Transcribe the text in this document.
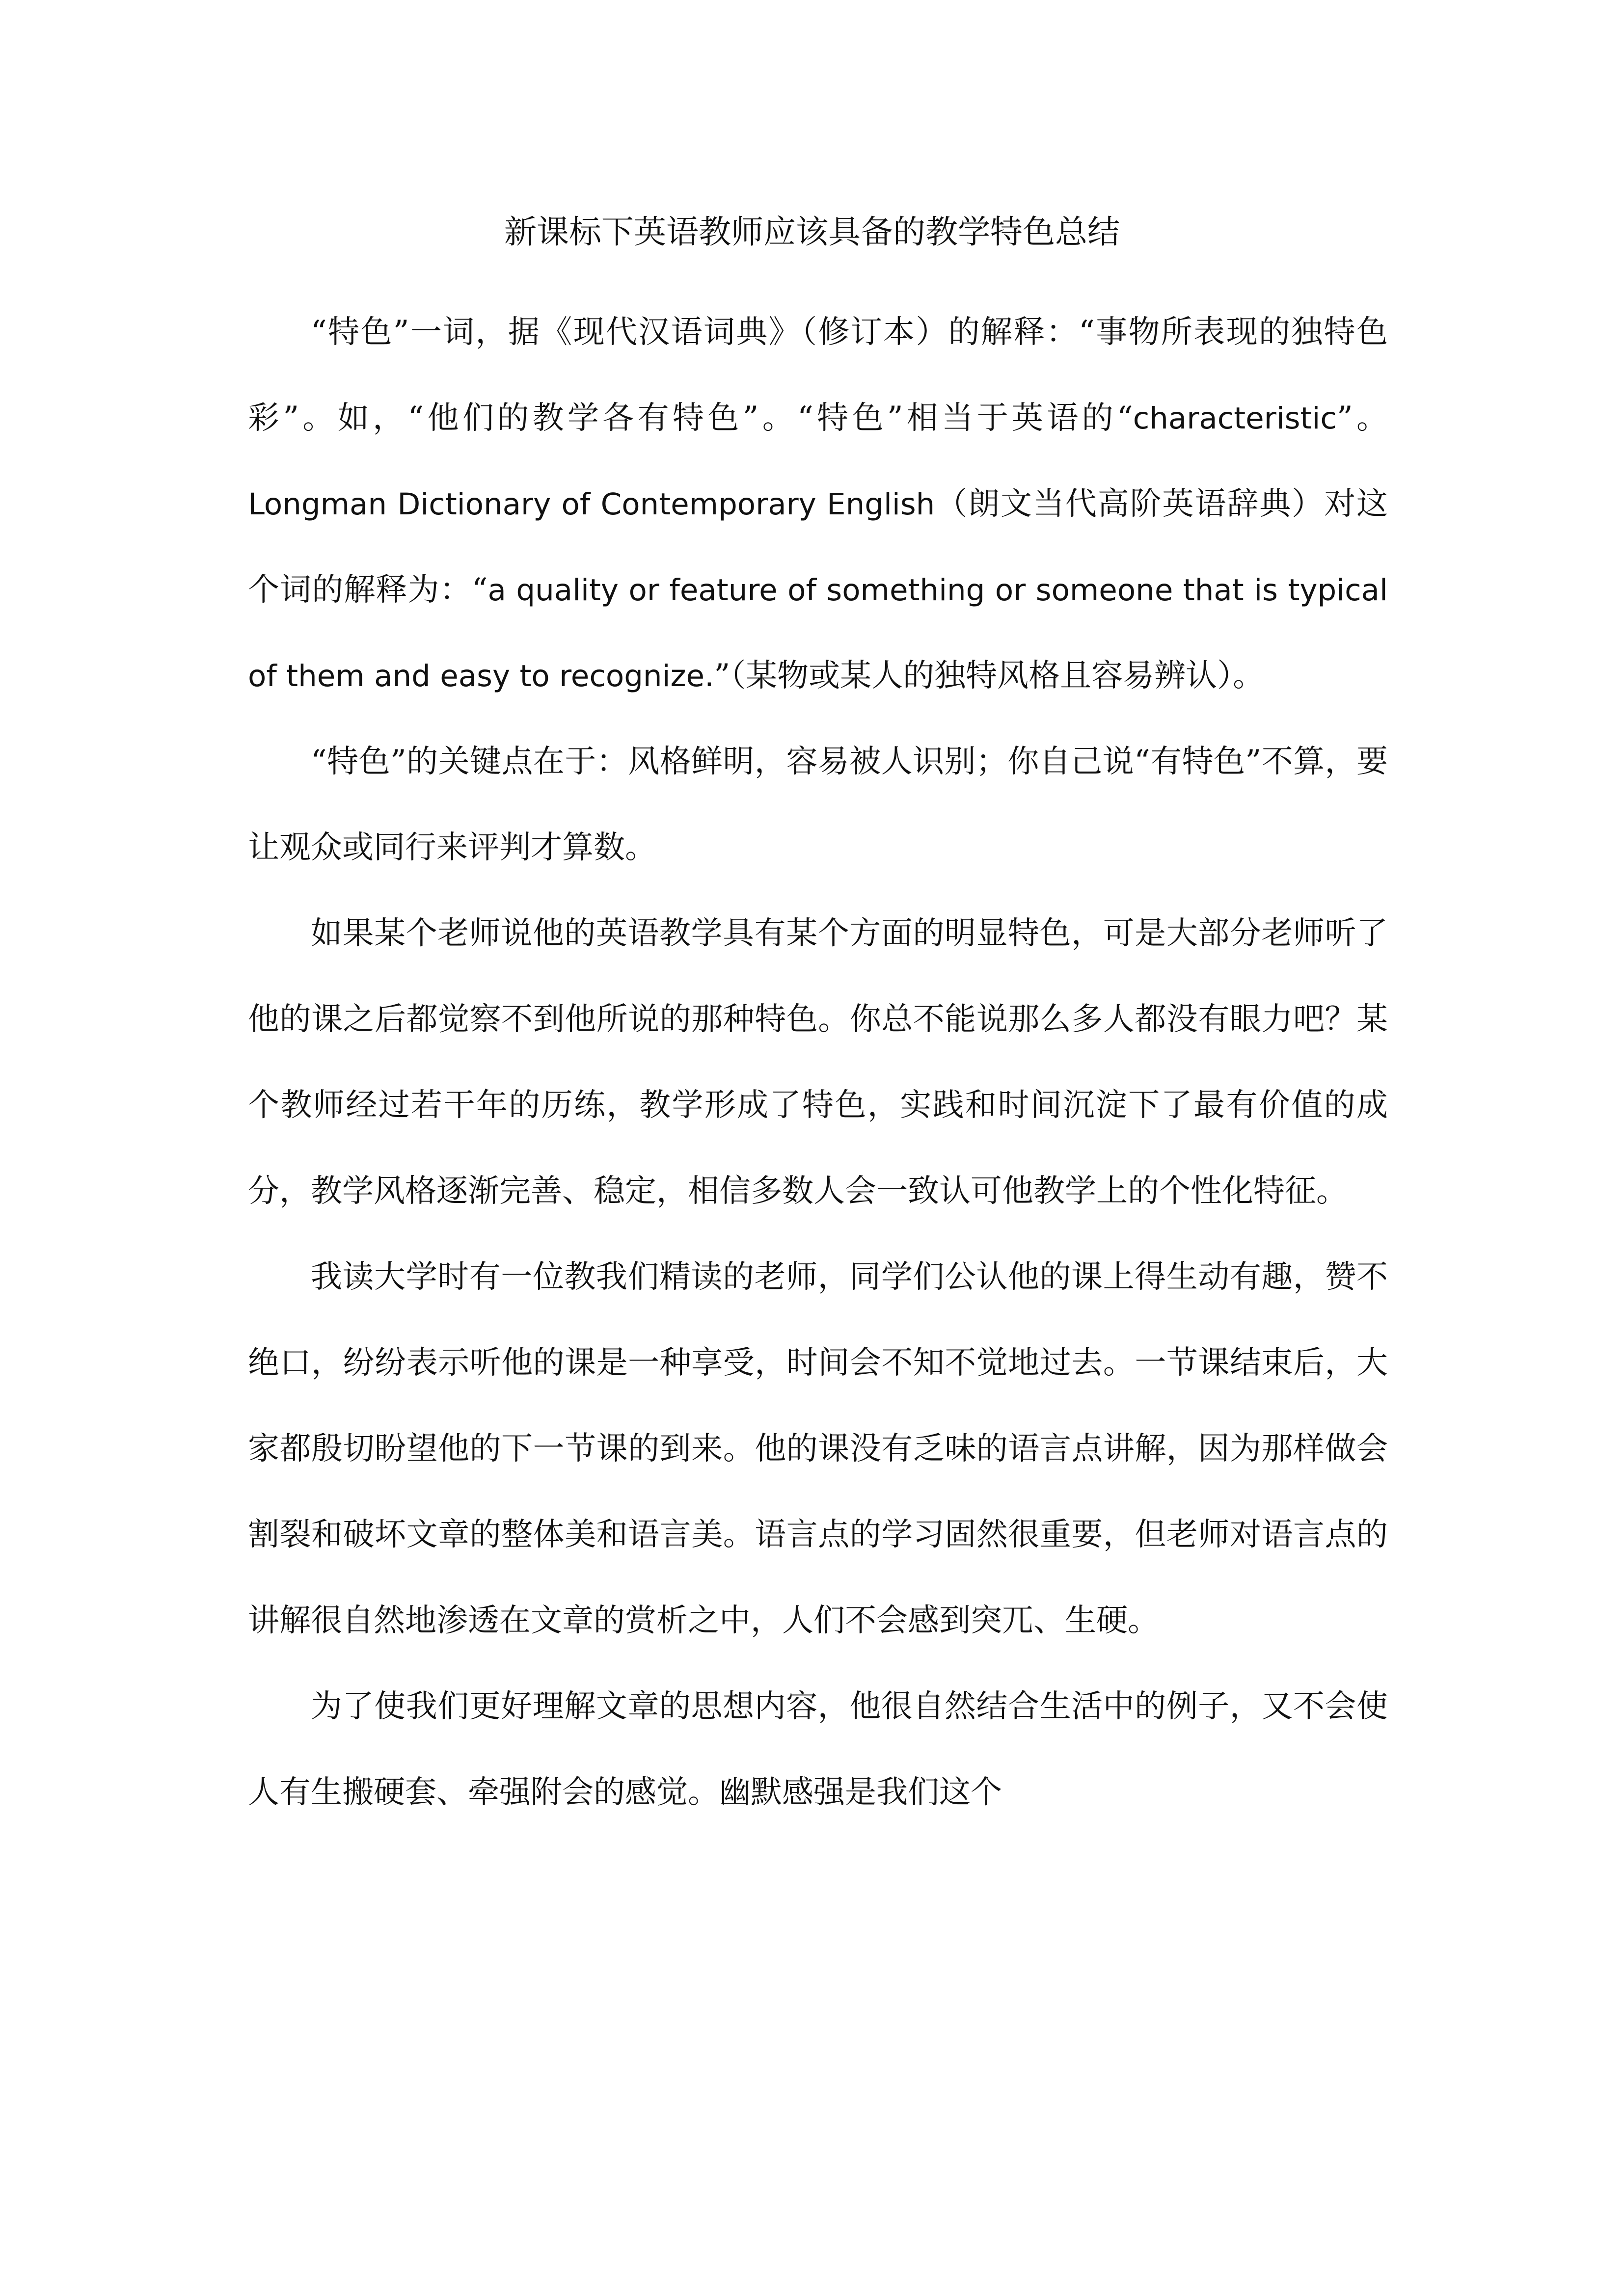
新课标下英语教师应该具备的教学特色总结

“特色”一词，据《现代汉语词典》（修订本）的解释：“事物所表现的独特色彩”。如，“他们的教学各有特色”。“特色”相当于英语的“characteristic”。Longman Dictionary of Contemporary English（朗文当代高阶英语辞典）对这个词的解释为：“a quality or feature of something or someone that is typical of them and easy to recognize.”（某物或某人的独特风格且容易辨认）。

“特色”的关键点在于：风格鲜明，容易被人识别；你自己说“有特色”不算，要让观众或同行来评判才算数。

如果某个老师说他的英语教学具有某个方面的明显特色，可是大部分老师听了他的课之后都觉察不到他所说的那种特色。你总不能说那么多人都没有眼力吧？某个教师经过若干年的历练，教学形成了特色，实践和时间沉淀下了最有价值的成分，教学风格逐渐完善、稳定，相信多数人会一致认可他教学上的个性化特征。

我读大学时有一位教我们精读的老师，同学们公认他的课上得生动有趣，赞不绝口，纷纷表示听他的课是一种享受，时间会不知不觉地过去。一节课结束后，大家都殷切盼望他的下一节课的到来。他的课没有乏味的语言点讲解，因为那样做会割裂和破坏文章的整体美和语言美。语言点的学习固然很重要，但老师对语言点的讲解很自然地渗透在文章的赏析之中，人们不会感到突兀、生硬。

为了使我们更好理解文章的思想内容，他很自然结合生活中的例子，又不会使人有生搬硬套、牵强附会的感觉。幽默感强是我们这个
